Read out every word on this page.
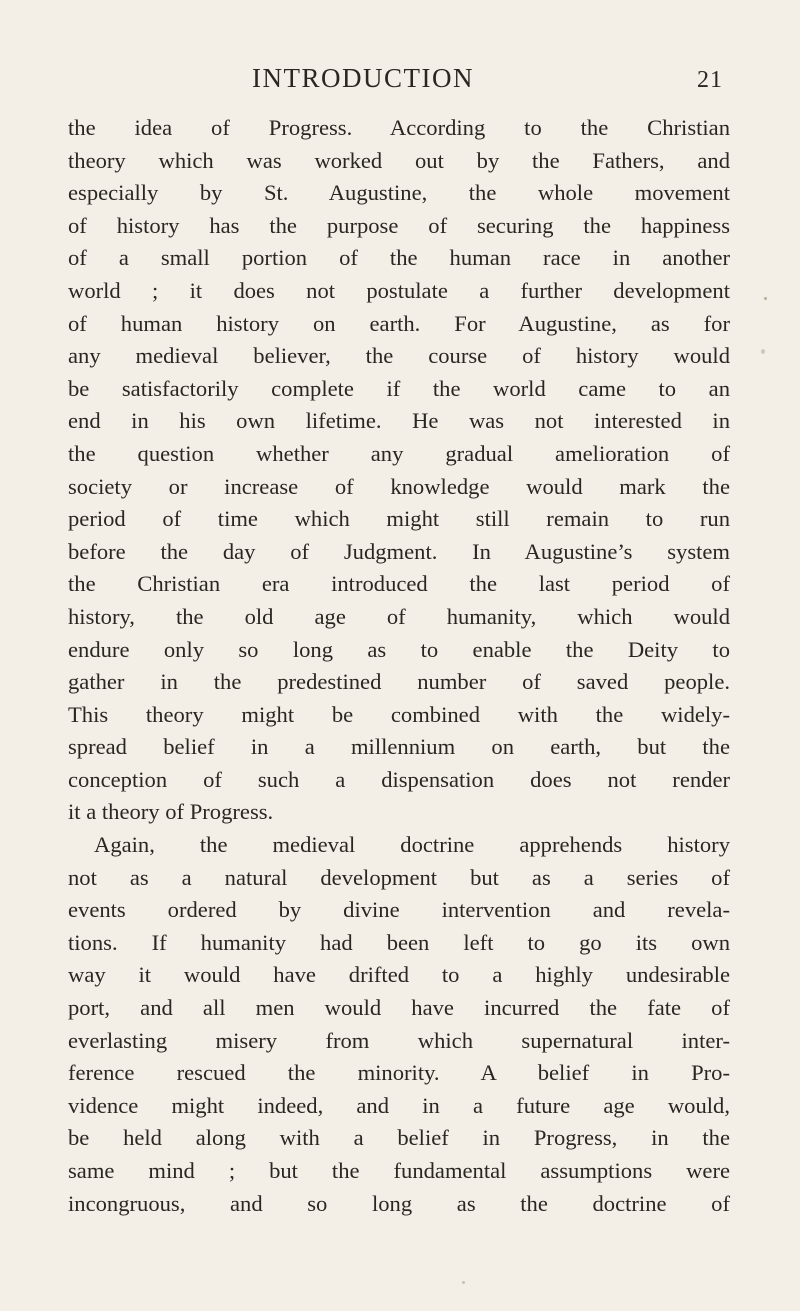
INTRODUCTION	21
the idea of Progress. According to the Christian
theory which was worked out by the Fathers, and
especially by St. Augustine, the whole movement
of history has the purpose of securing the happiness
of a small portion of the human race in another
world ; it does not postulate a further development
of human history on earth. For Augustine, as for
any medieval believer, the course of history would
be satisfactorily complete if the world came to an
end in his own lifetime. He was not interested in
the question whether any gradual amelioration of
society or increase of knowledge would mark the
period of time which might still remain to run
before the day of Judgment. In Augustine’s system
the Christian era introduced the last period of
history, the old age of humanity, which would
endure only so long as to enable the Deity to
gather in the predestined number of saved people.
This theory might be combined with the widely-
spread belief in a millennium on earth, but the
conception of such a dispensation does not render
it a theory of Progress.
Again, the medieval doctrine apprehends history
not as a natural development but as a series of
events ordered by divine intervention and revela-
tions. If humanity had been left to go its own
way it would have drifted to a highly undesirable
port, and all men would have incurred the fate of
everlasting misery from which supernatural inter-
ference rescued the minority. A belief in Pro-
vidence might indeed, and in a future age would,
be held along with a belief in Progress, in the
same mind ; but the fundamental assumptions were
incongruous, and so long as the doctrine of
